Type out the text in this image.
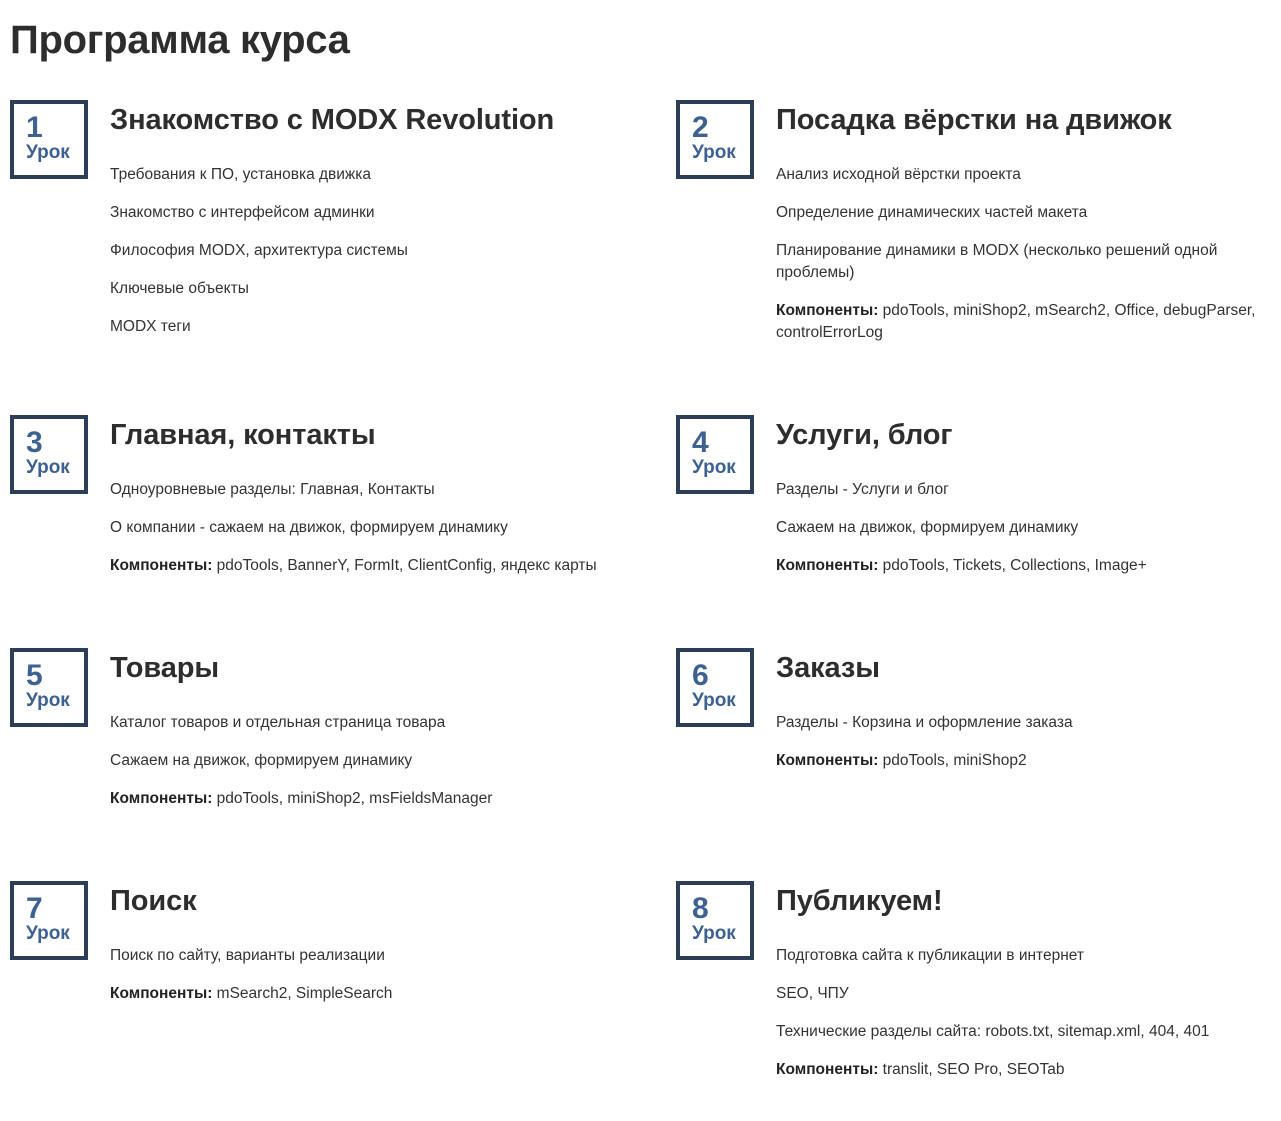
Программа курса
1
Урок
Знакомство с MODX Revolution
Требования к ПО, установка движка
Знакомство с интерфейсом админки
Философия MODX, архитектура системы
Ключевые объекты
MODX теги
2
Урок
Посадка вёрстки на движок
Анализ исходной вёрстки проекта
Определение динамических частей макета
Планирование динамики в MODX (несколько решений одной проблемы)
Компоненты: pdoTools, miniShop2, mSearch2, Office, debugParser, controlErrorLog
3
Урок
Главная, контакты
Одноуровневые разделы: Главная, Контакты
О компании - сажаем на движок, формируем динамику
Компоненты: pdoTools, BannerY, FormIt, ClientConfig, яндекс карты
4
Урок
Услуги, блог
Разделы - Услуги и блог
Сажаем на движок, формируем динамику
Компоненты: pdoTools, Tickets, Collections, Image+
5
Урок
Товары
Каталог товаров и отдельная страница товара
Сажаем на движок, формируем динамику
Компоненты: pdoTools, miniShop2, msFieldsManager
6
Урок
Заказы
Разделы - Корзина и оформление заказа
Компоненты: pdoTools, miniShop2
7
Урок
Поиск
Поиск по сайту, варианты реализации
Компоненты: mSearch2, SimpleSearch
8
Урок
Публикуем!
Подготовка сайта к публикации в интернет
SEO, ЧПУ
Технические разделы сайта: robots.txt, sitemap.xml, 404, 401
Компоненты: translit, SEO Pro, SEOTab
